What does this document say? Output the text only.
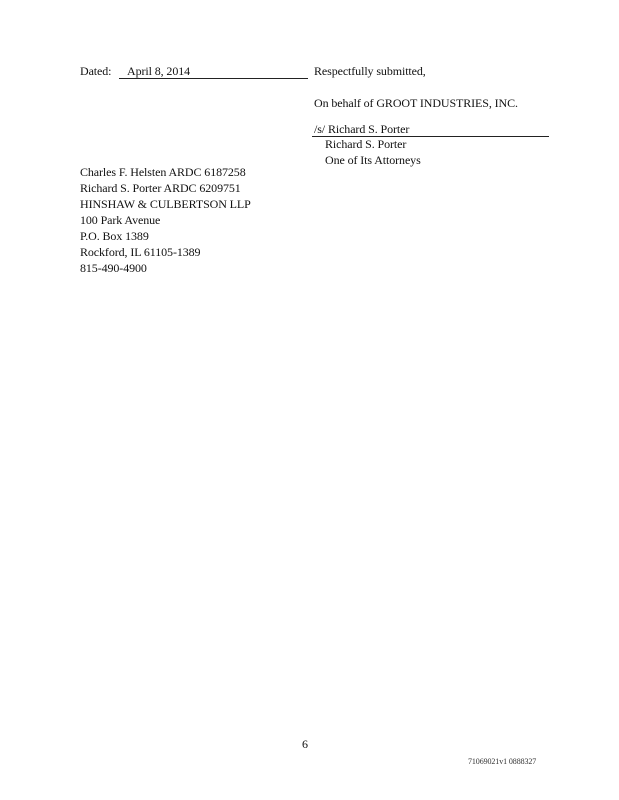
Dated: April 8, 2014	Respectfully submitted,
On behalf of GROOT INDUSTRIES, INC.
/s/ Richard S. Porter
Richard S. Porter
One of Its Attorneys
Charles F. Helsten ARDC 6187258
Richard S. Porter ARDC 6209751
HINSHAW & CULBERTSON LLP
100 Park Avenue
P.O. Box 1389
Rockford, IL 61105-1389
815-490-4900
6
71069021v1 0888327
